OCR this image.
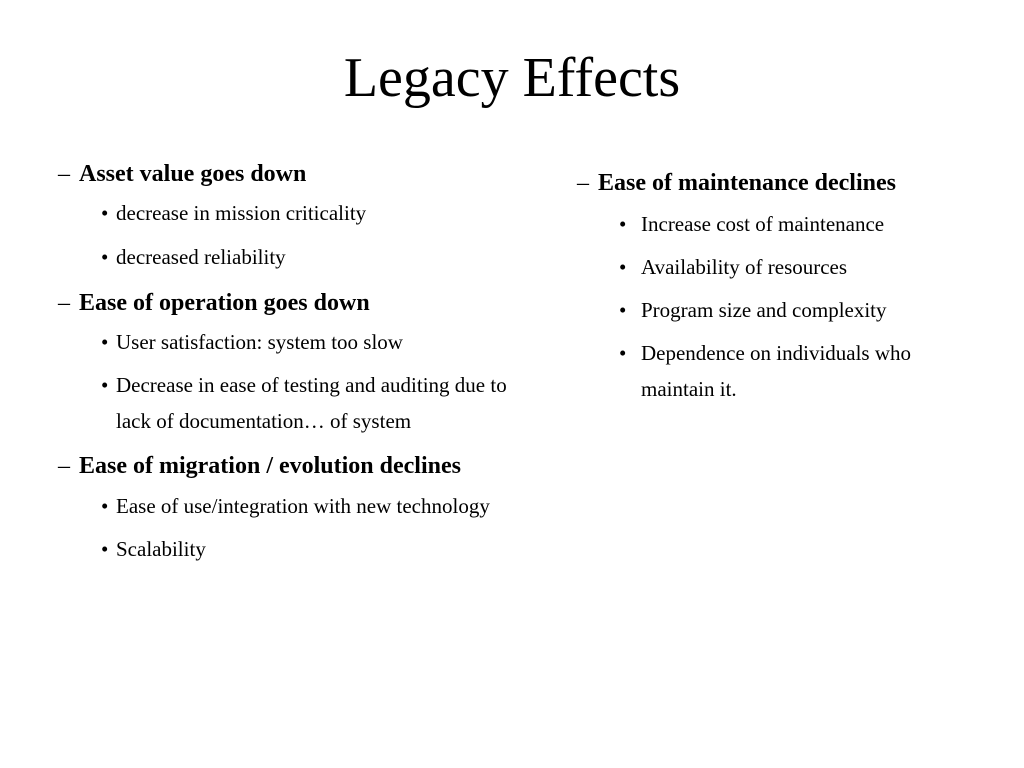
Legacy Effects
– Asset value goes down
• decrease in mission criticality
• decreased reliability
– Ease of operation goes down
• User satisfaction: system too slow
• Decrease in ease of testing and auditing due to lack of documentation… of system
– Ease of migration / evolution declines
• Ease of use/integration with new technology
• Scalability
– Ease of maintenance declines
• Increase cost of maintenance
• Availability of resources
• Program size and complexity
• Dependence on individuals who maintain it.
